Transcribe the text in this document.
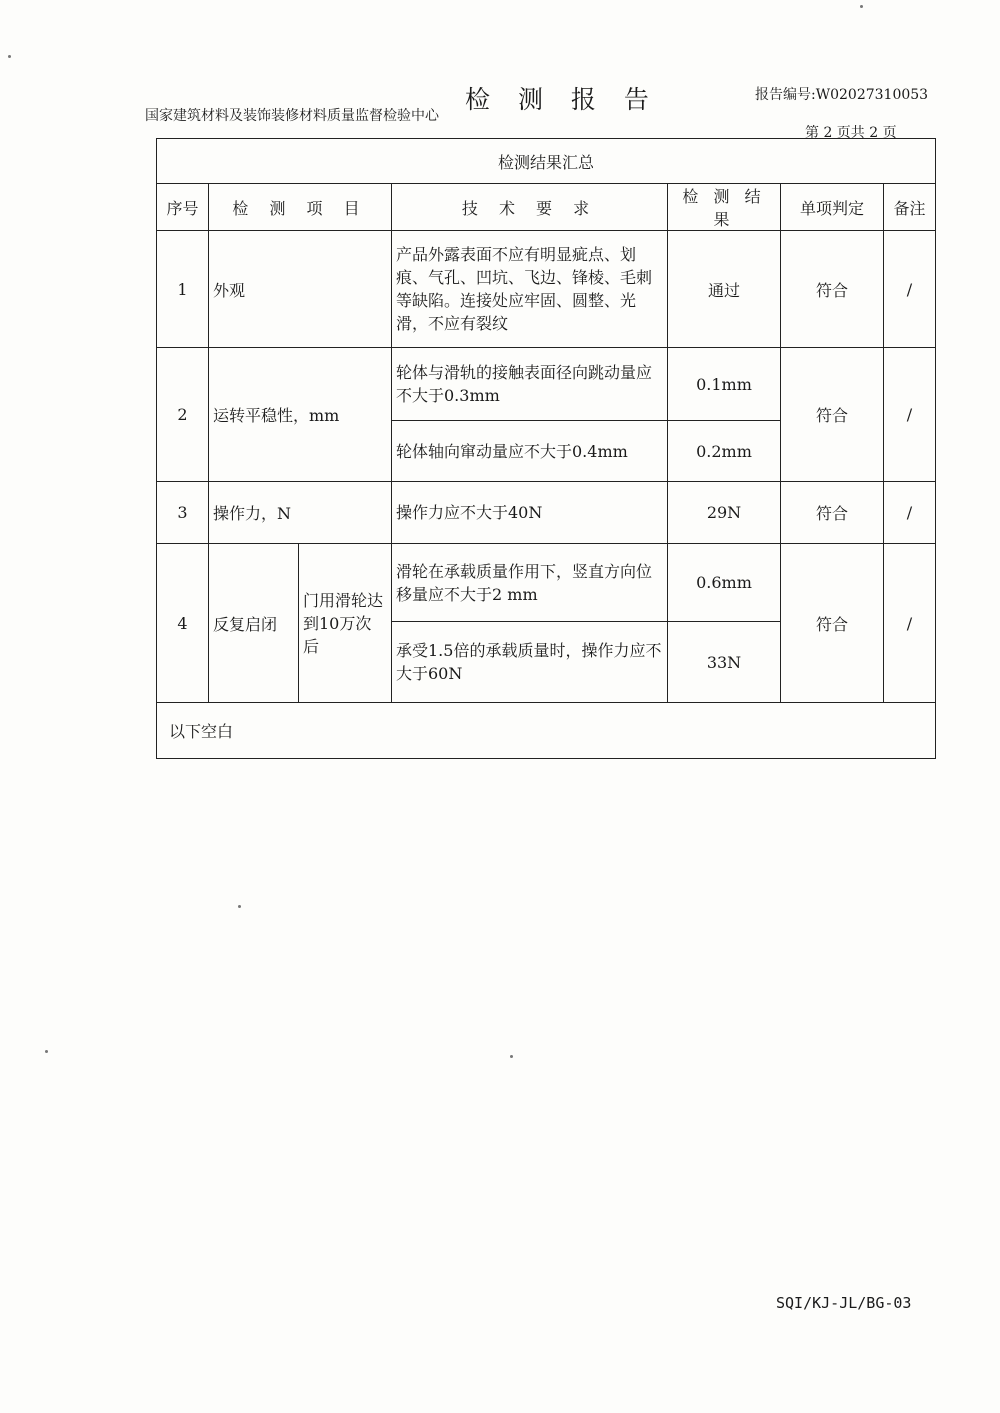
检 测 报 告
国家建筑材料及装饰装修材料质量监督检验中心
报告编号:W02027310053
第 2 页共 2 页
检测结果汇总						
序号	检 测 项 目		技 术 要 求	检 测 结 果	单项判定	备注
1	外观		产品外露表面不应有明显疵点、划痕、气孔、凹坑、飞边、锋棱、毛刺等缺陷。连接处应牢固、圆整、光滑，不应有裂纹	通过	符合	/
2	运转平稳性，mm		轮体与滑轨的接触表面径向跳动量应不大于0.3mm	0.1mm	符合	/
			轮体轴向窜动量应不大于0.4mm	0.2mm		
3	操作力，N		操作力应不大于40N	29N	符合	/
4	反复启闭	门用滑轮达到10万次后	滑轮在承载质量作用下，竖直方向位移量应不大于2 mm	0.6mm	符合	/
			承受1.5倍的承载质量时，操作力应不大于60N	33N		
以下空白						
SQI/KJ-JL/BG-03
